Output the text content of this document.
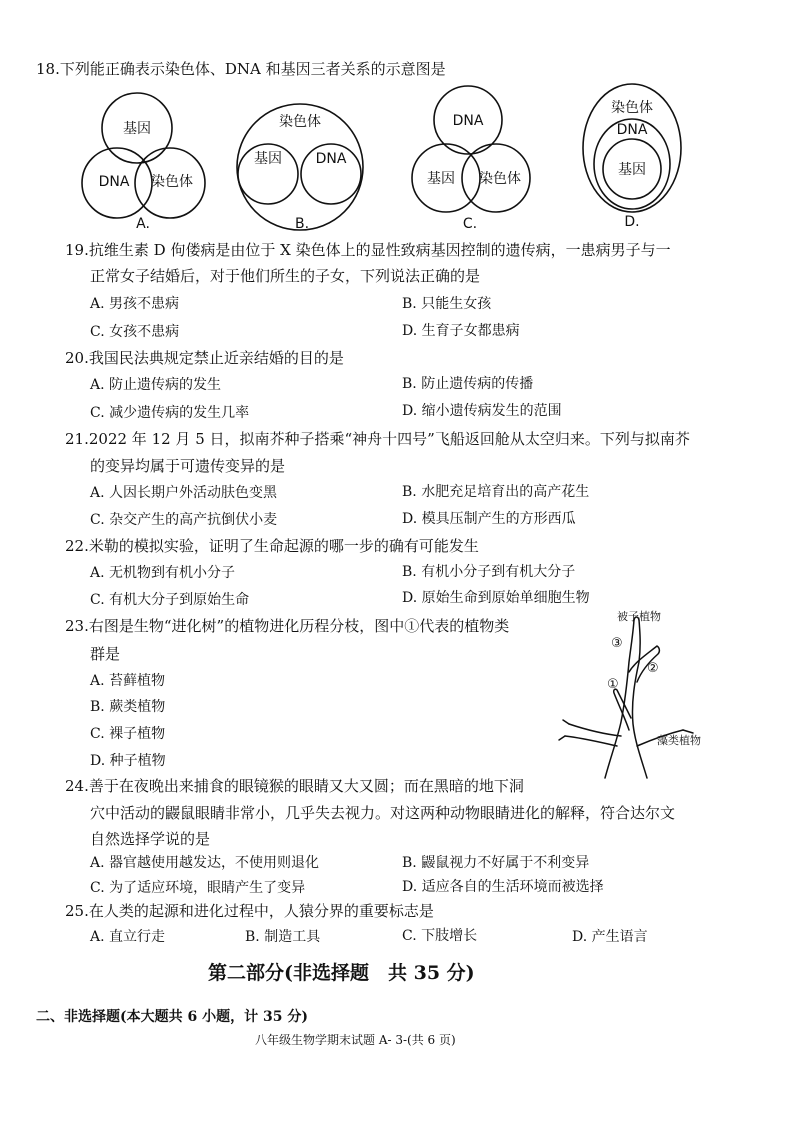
18.下列能正确表示染色体、DNA 和基因三者关系的示意图是
基因
DNA 染色体
A.
染色体
基因 DNA
B.
DNA
基因 染色体
C.
染色体
DNA
基因
D.
19.抗维生素 D 佝偻病是由位于 X 染色体上的显性致病基因控制的遗传病，一患病男子与一
正常女子结婚后，对于他们所生的子女，下列说法正确的是
A. 男孩不患病	B. 只能生女孩
C. 女孩不患病	D. 生育子女都患病
20.我国民法典规定禁止近亲结婚的目的是
A. 防止遗传病的发生	B. 防止遗传病的传播
C. 减少遗传病的发生几率	D. 缩小遗传病发生的范围
21.2022 年 12 月 5 日，拟南芥种子搭乘“神舟十四号”飞船返回舱从太空归来。下列与拟南芥
的变异均属于可遗传变异的是
A. 人因长期户外活动肤色变黑	B. 水肥充足培育出的高产花生
C. 杂交产生的高产抗倒伏小麦	D. 模具压制产生的方形西瓜
22.米勒的模拟实验，证明了生命起源的哪一步的确有可能发生
A. 无机物到有机小分子	B. 有机小分子到有机大分子
C. 有机大分子到原始生命	D. 原始生命到原始单细胞生物
23.右图是生物“进化树”的植物进化历程分枝，图中①代表的植物类
群是
A. 苔藓植物
B. 蕨类植物
C. 裸子植物
D. 种子植物
被子植物
藻类植物
③
②
①
24.善于在夜晚出来捕食的眼镜猴的眼睛又大又圆；而在黑暗的地下洞
穴中活动的鼹鼠眼睛非常小，几乎失去视力。对这两种动物眼睛进化的解释，符合达尔文
自然选择学说的是
A. 器官越使用越发达，不使用则退化	B. 鼹鼠视力不好属于不利变异
C. 为了适应环境，眼睛产生了变异	D. 适应各自的生活环境而被选择
25.在人类的起源和进化过程中，人猿分界的重要标志是
A. 直立行走	B. 制造工具	C. 下肢增长	D. 产生语言
第二部分(非选择题　共 35 分)
二、非选择题(本大题共 6 小题，计 35 分)
八年级生物学期末试题 A- 3-(共 6 页)
